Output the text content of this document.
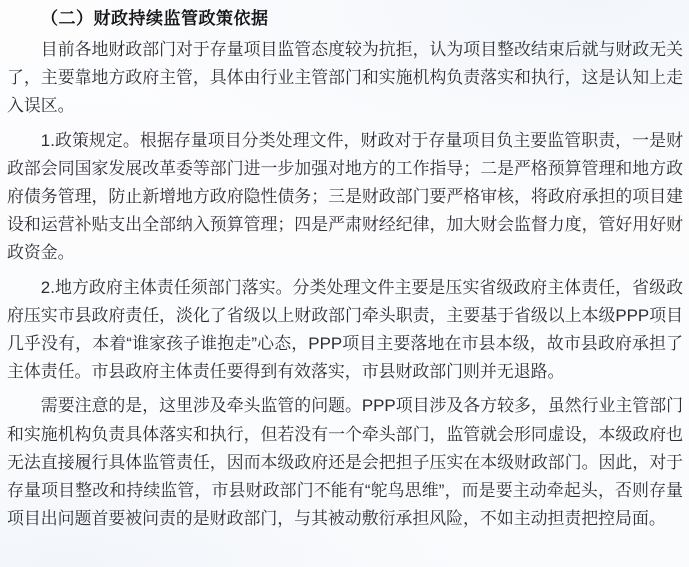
（二）财政持续监管政策依据

目前各地财政部门对于存量项目监管态度较为抗拒，认为项目整改结束后就与财政无关了，主要靠地方政府主管，具体由行业主管部门和实施机构负责落实和执行，这是认知上走入误区。

1.政策规定。根据存量项目分类处理文件，财政对于存量项目负主要监管职责，一是财政部会同国家发展改革委等部门进一步加强对地方的工作指导；二是严格预算管理和地方政府债务管理，防止新增地方政府隐性债务；三是财政部门要严格审核，将政府承担的项目建设和运营补贴支出全部纳入预算管理；四是严肃财经纪律，加大财会监督力度，管好用好财政资金。

2.地方政府主体责任须部门落实。分类处理文件主要是压实省级政府主体责任，省级政府压实市县政府责任，淡化了省级以上财政部门牵头职责，主要基于省级以上本级PPP项目几乎没有，本着“谁家孩子谁抱走”心态，PPP项目主要落地在市县本级，故市县政府承担了主体责任。市县政府主体责任要得到有效落实，市县财政部门则并无退路。

需要注意的是，这里涉及牵头监管的问题。PPP项目涉及各方较多，虽然行业主管部门和实施机构负责具体落实和执行，但若没有一个牵头部门，监管就会形同虚设，本级政府也无法直接履行具体监管责任，因而本级政府还是会把担子压实在本级财政部门。因此，对于存量项目整改和持续监管，市县财政部门不能有“鸵鸟思维”，而是要主动牵起头，否则存量项目出问题首要被问责的是财政部门，与其被动敷衍承担风险，不如主动担责把控局面。
